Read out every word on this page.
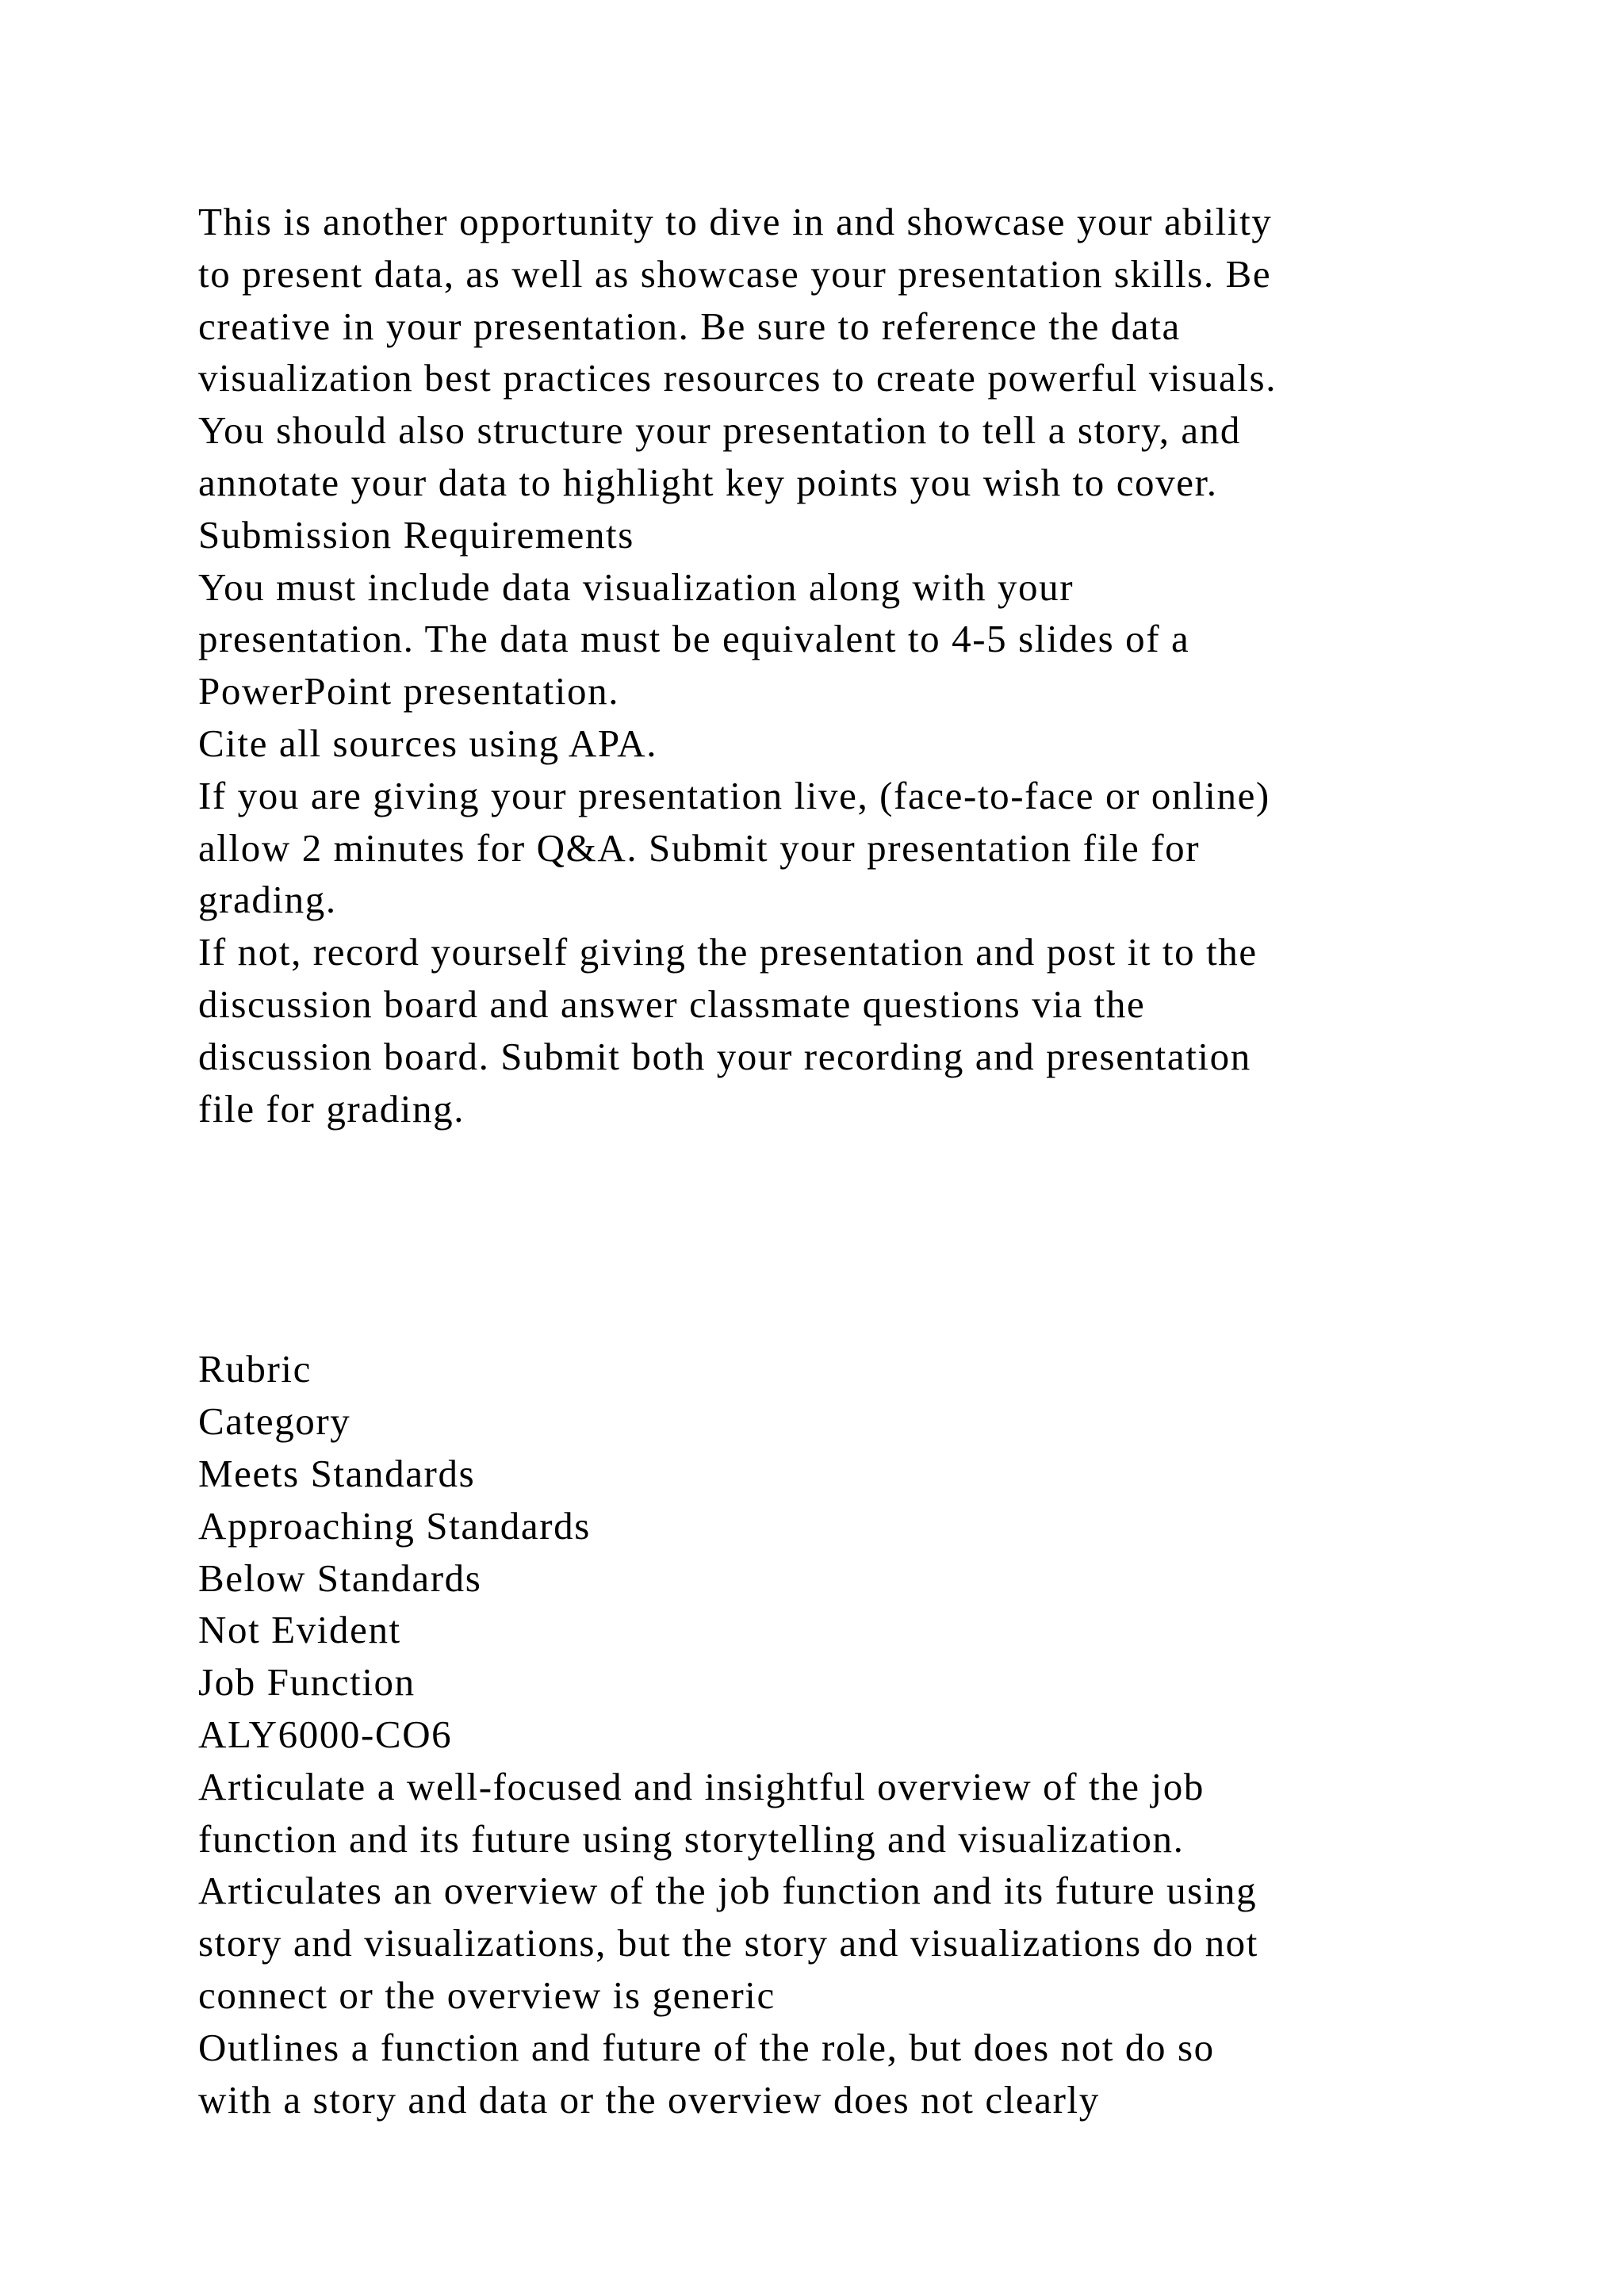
This is another opportunity to dive in and showcase your ability
to present data, as well as showcase your presentation skills. Be
creative in your presentation. Be sure to reference the data
visualization best practices resources to create powerful visuals.
You should also structure your presentation to tell a story, and
annotate your data to highlight key points you wish to cover.
Submission Requirements
You must include data visualization along with your
presentation. The data must be equivalent to 4-5 slides of a
PowerPoint presentation.
Cite all sources using APA.
If you are giving your presentation live, (face-to-face or online)
allow 2 minutes for Q&A. Submit your presentation file for
grading.
If not, record yourself giving the presentation and post it to the
discussion board and answer classmate questions via the
discussion board. Submit both your recording and presentation
file for grading.
Rubric
Category
Meets Standards
Approaching Standards
Below Standards
Not Evident
Job Function
ALY6000-CO6
Articulate a well-focused and insightful overview of the job
function and its future using storytelling and visualization.
Articulates an overview of the job function and its future using
story and visualizations, but the story and visualizations do not
connect or the overview is generic
Outlines a function and future of the role, but does not do so
with a story and data or the overview does not clearly
